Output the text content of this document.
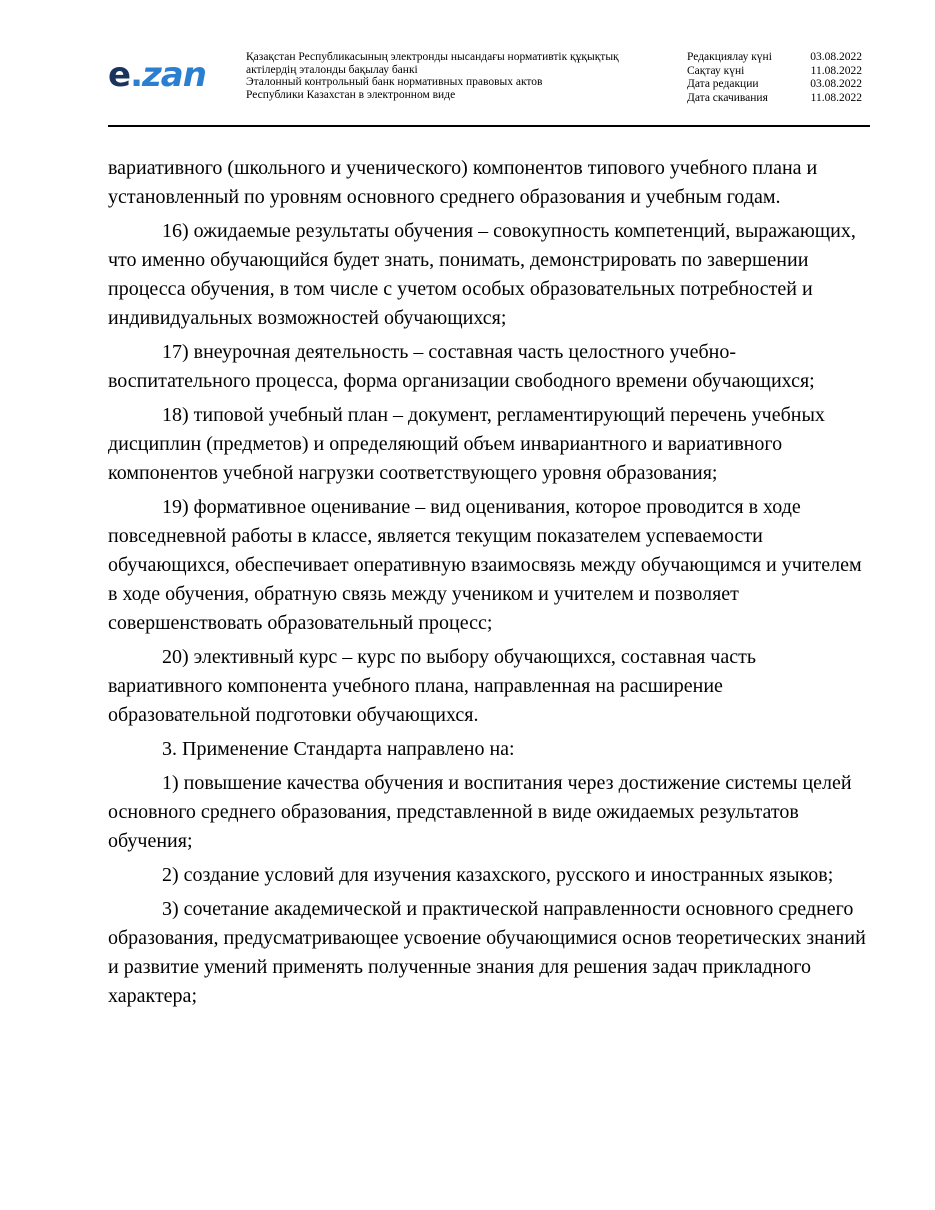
e.zan	Қазақстан Республикасының электронды нысандағы нормативтік құқықтық
актілердің эталонды бақылау банкі
Эталонный контрольный банк нормативных правовых актов
Республики Казахстан в электронном виде
Редакциялау күні	03.08.2022
Сақтау күні	11.08.2022
Дата редакции	03.08.2022
Дата скачивания	11.08.2022

вариативного (школьного и ученического) компонентов типового учебного плана и установленный по уровням основного среднего образования и учебным годам.

16) ожидаемые результаты обучения – совокупность компетенций, выражающих, что именно обучающийся будет знать, понимать, демонстрировать по завершении процесса обучения, в том числе с учетом особых образовательных потребностей и индивидуальных возможностей обучающихся;

17) внеурочная деятельность – составная часть целостного учебно-воспитательного процесса, форма организации свободного времени обучающихся;

18) типовой учебный план – документ, регламентирующий перечень учебных дисциплин (предметов) и определяющий объем инвариантного и вариативного компонентов учебной нагрузки соответствующего уровня образования;

19) формативное оценивание – вид оценивания, которое проводится в ходе повседневной работы в классе, является текущим показателем успеваемости обучающихся, обеспечивает оперативную взаимосвязь между обучающимся и учителем в ходе обучения, обратную связь между учеником и учителем и позволяет совершенствовать образовательный процесс;

20) элективный курс – курс по выбору обучающихся, составная часть вариативного компонента учебного плана, направленная на расширение образовательной подготовки обучающихся.

3. Применение Стандарта направлено на:

1) повышение качества обучения и воспитания через достижение системы целей основного среднего образования, представленной в виде ожидаемых результатов обучения;

2) создание условий для изучения казахского, русского и иностранных языков;

3) сочетание академической и практической направленности основного среднего образования, предусматривающее усвоение обучающимися основ теоретических знаний и развитие умений применять полученные знания для решения задач прикладного характера;
